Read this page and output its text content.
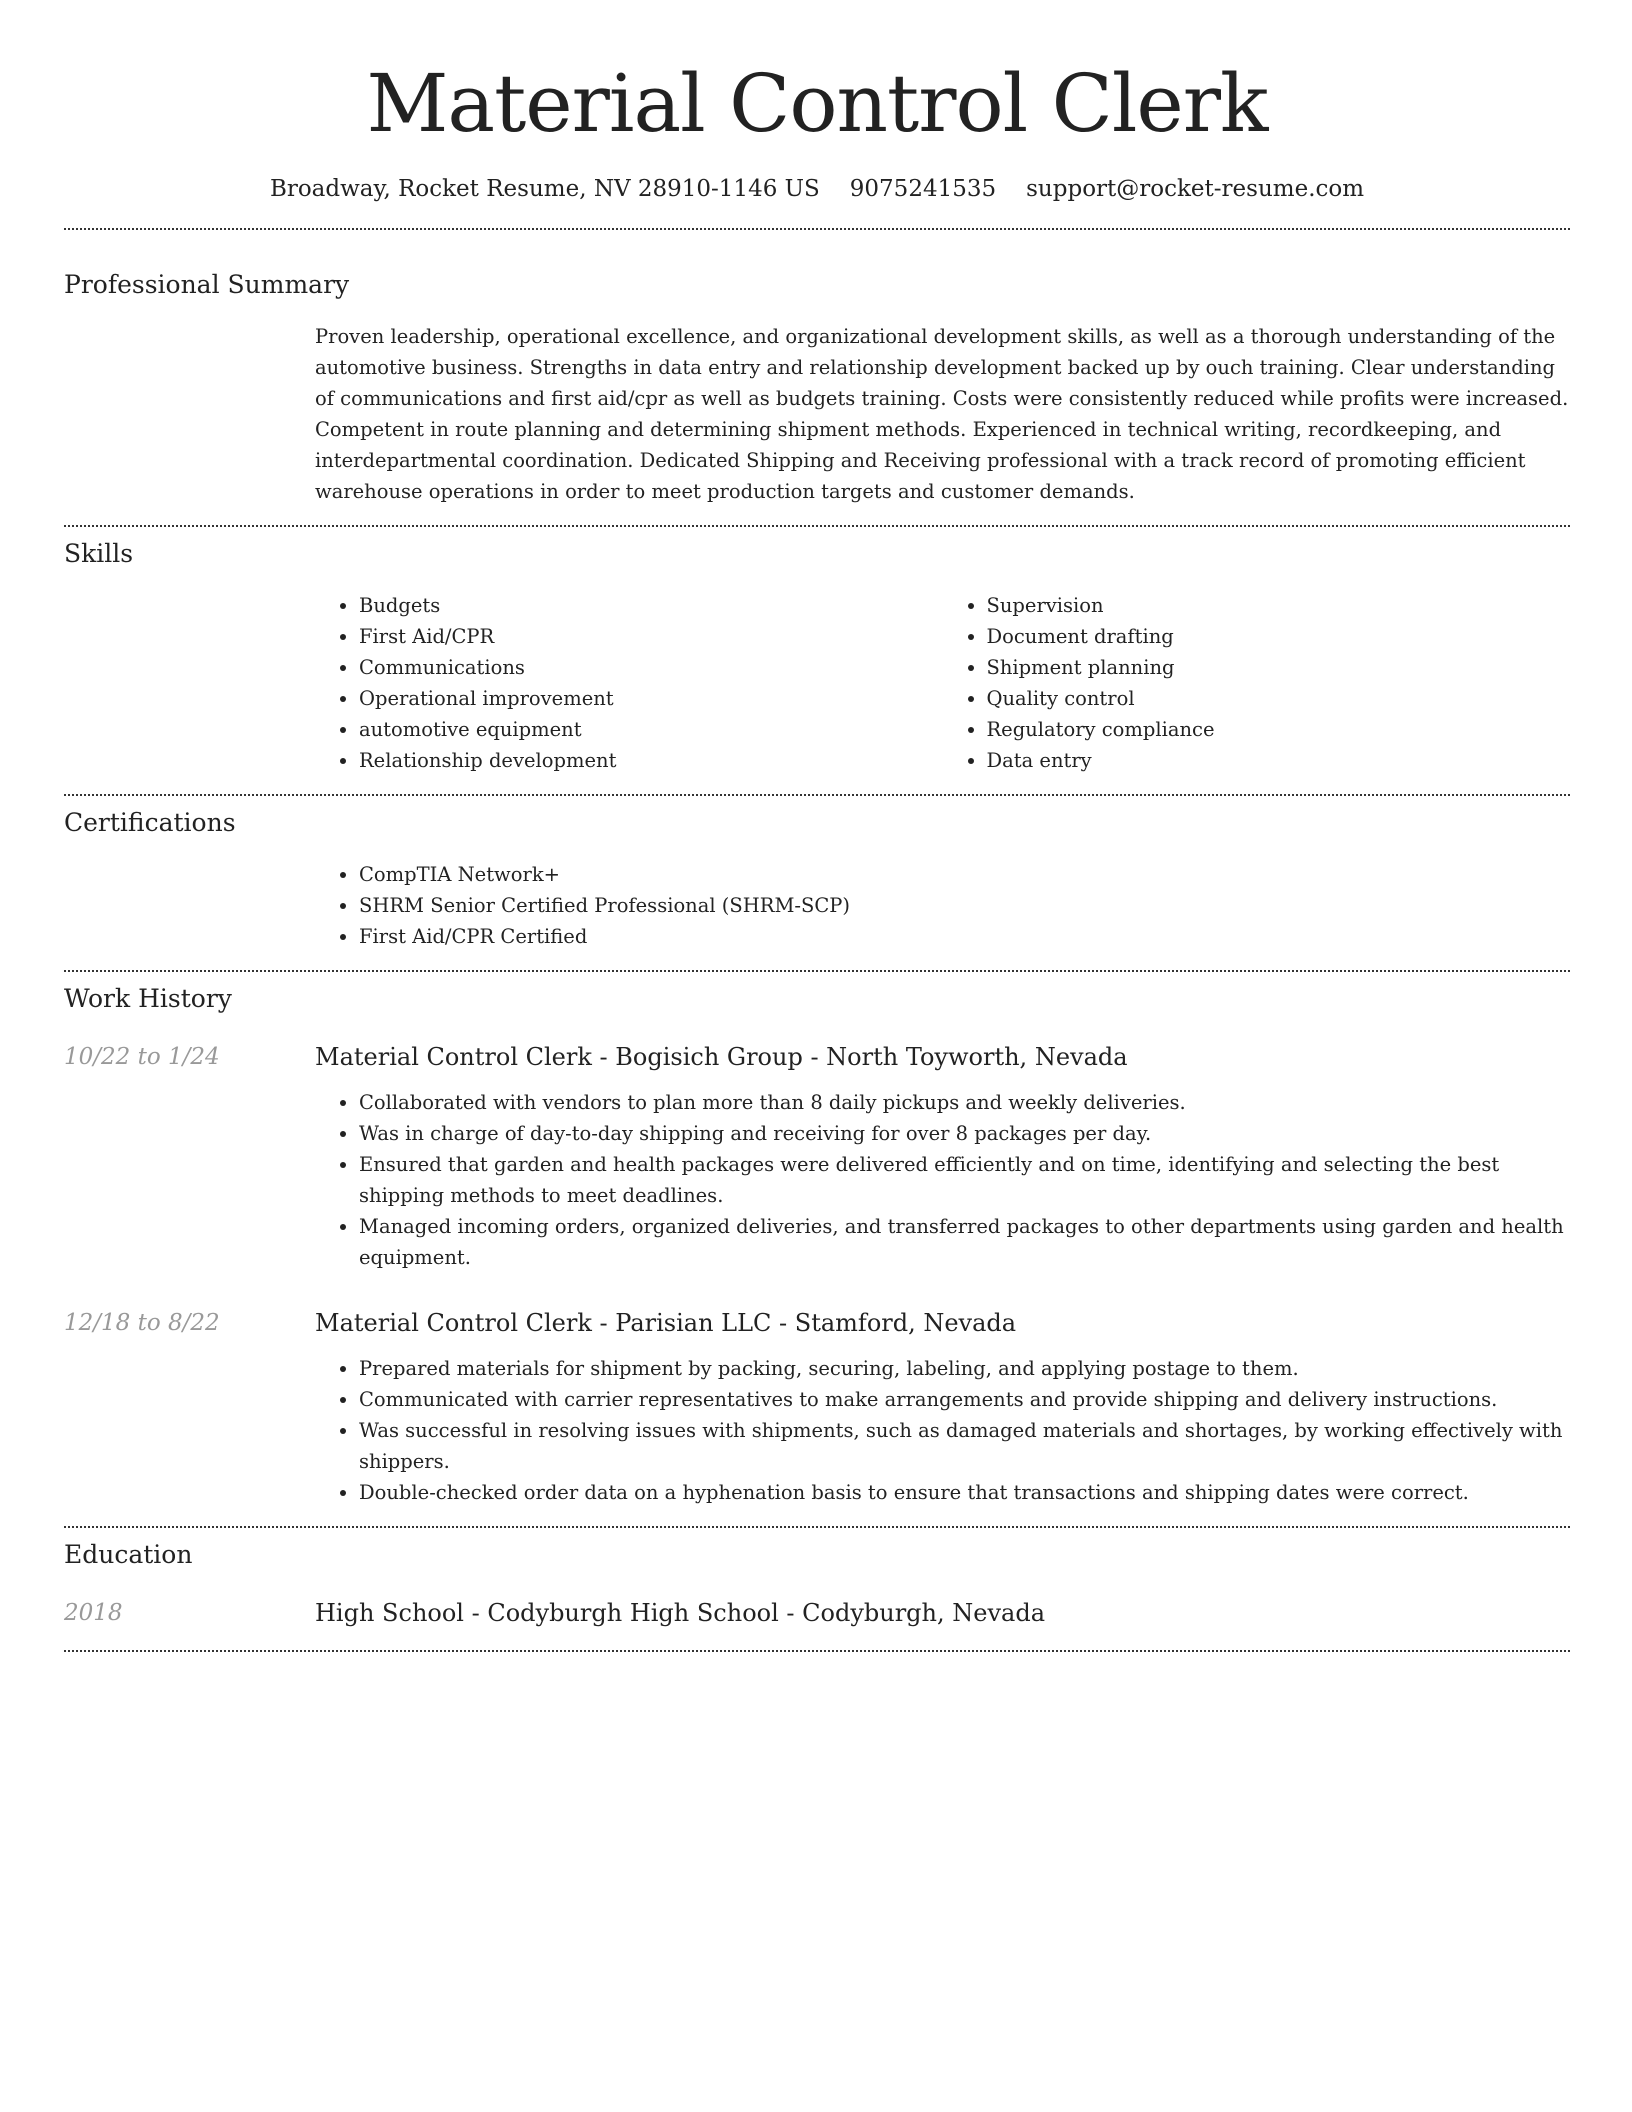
Material Control Clerk
Broadway, Rocket Resume, NV 28910-1146 US 9075241535 support@rocket-resume.com
Professional Summary
Proven leadership, operational excellence, and organizational development skills, as well as a thorough understanding of the automotive business. Strengths in data entry and relationship development backed up by ouch training. Clear understanding of communications and first aid/cpr as well as budgets training. Costs were consistently reduced while profits were increased. Competent in route planning and determining shipment methods. Experienced in technical writing, recordkeeping, and interdepartmental coordination. Dedicated Shipping and Receiving professional with a track record of promoting efficient warehouse operations in order to meet production targets and customer demands.
Skills
• Budgets
• First Aid/CPR
• Communications
• Operational improvement
• automotive equipment
• Relationship development
• Supervision
• Document drafting
• Shipment planning
• Quality control
• Regulatory compliance
• Data entry
Certifications
• CompTIA Network+
• SHRM Senior Certified Professional (SHRM-SCP)
• First Aid/CPR Certified
Work History
10/22 to 1/24	Material Control Clerk - Bogisich Group - North Toyworth, Nevada
• Collaborated with vendors to plan more than 8 daily pickups and weekly deliveries.
• Was in charge of day-to-day shipping and receiving for over 8 packages per day.
• Ensured that garden and health packages were delivered efficiently and on time, identifying and selecting the best shipping methods to meet deadlines.
• Managed incoming orders, organized deliveries, and transferred packages to other departments using garden and health equipment.
12/18 to 8/22	Material Control Clerk - Parisian LLC - Stamford, Nevada
• Prepared materials for shipment by packing, securing, labeling, and applying postage to them.
• Communicated with carrier representatives to make arrangements and provide shipping and delivery instructions.
• Was successful in resolving issues with shipments, such as damaged materials and shortages, by working effectively with shippers.
• Double-checked order data on a hyphenation basis to ensure that transactions and shipping dates were correct.
Education
2018	High School - Codyburgh High School - Codyburgh, Nevada
